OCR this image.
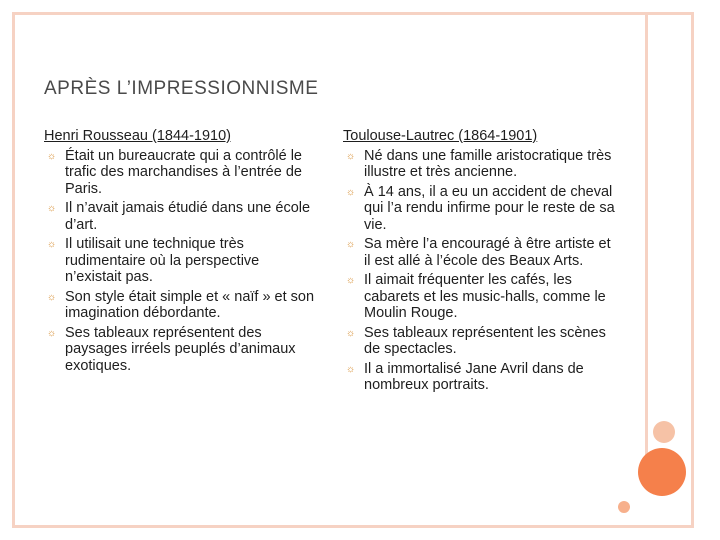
APRÈS L’IMPRESSIONNISME
Henri Rousseau (1844-1910)
☼ Était un bureaucrate qui a contrôlé le trafic des marchandises à l’entrée de Paris.
☼ Il n’avait jamais étudié dans une école d’art.
☼ Il utilisait une technique très rudimentaire où la perspective n’existait pas.
☼ Son style était simple et « naïf » et son imagination débordante.
☼ Ses tableaux représentent des paysages irréels peuplés d’animaux exotiques.
Toulouse-Lautrec (1864-1901)
☼ Né dans une famille aristocratique très illustre et très ancienne.
☼ À 14 ans, il a eu un accident de cheval qui l’a rendu infirme pour le reste de sa vie.
☼ Sa mère l’a encouragé à être artiste et il est allé à l’école des Beaux Arts.
☼ Il aimait fréquenter les cafés, les cabarets et les music-halls, comme le Moulin Rouge.
☼ Ses tableaux représentent les scènes de spectacles.
☼ Il a immortalisé Jane Avril dans de nombreux portraits.
